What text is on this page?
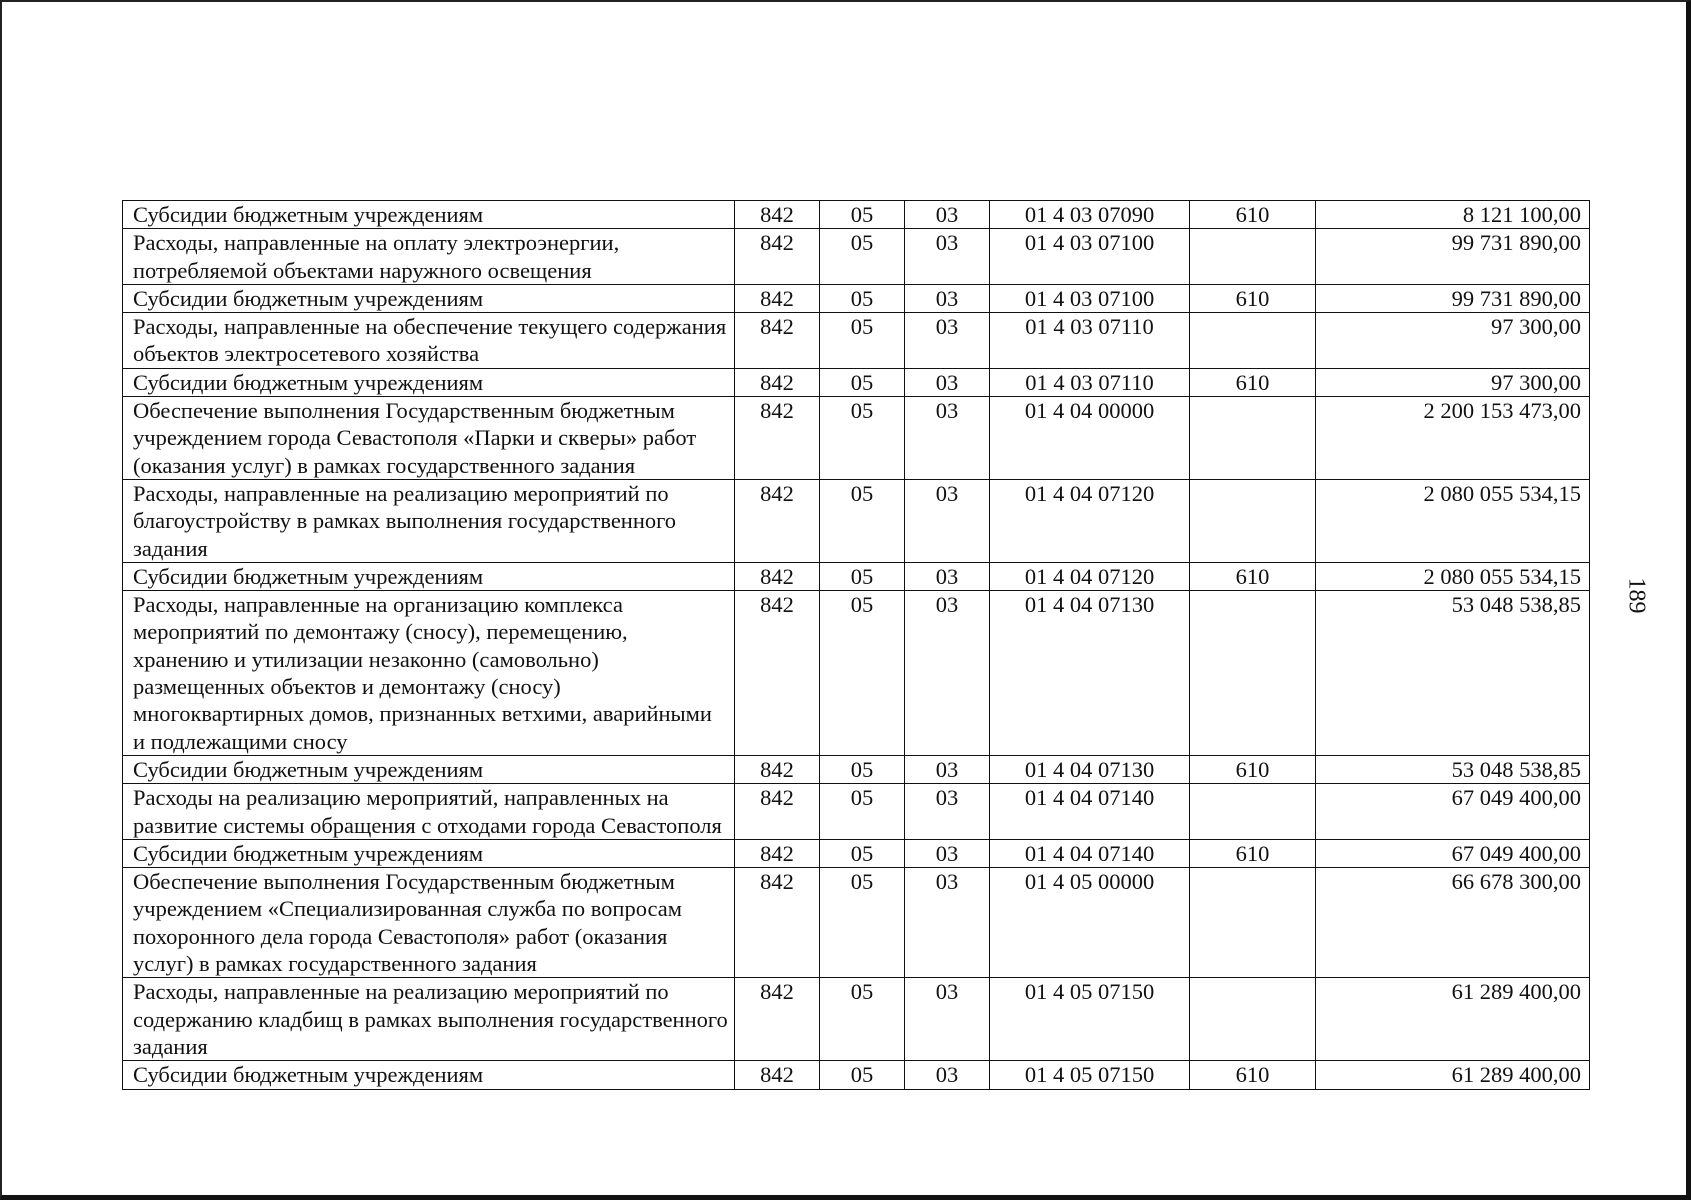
Субсидии бюджетным учреждениям	842	05	03	01 4 03 07090	610	8 121 100,00
Расходы, направленные на оплату электроэнергии, потребляемой объектами наружного освещения	842	05	03	01 4 03 07100		99 731 890,00
Субсидии бюджетным учреждениям	842	05	03	01 4 03 07100	610	99 731 890,00
Расходы, направленные на обеспечение текущего содержания объектов электросетевого хозяйства	842	05	03	01 4 03 07110		97 300,00
Субсидии бюджетным учреждениям	842	05	03	01 4 03 07110	610	97 300,00
Обеспечение выполнения Государственным бюджетным учреждением города Севастополя «Парки и скверы» работ (оказания услуг) в рамках государственного задания	842	05	03	01 4 04 00000		2 200 153 473,00
Расходы, направленные на реализацию мероприятий по благоустройству в рамках выполнения государственного задания	842	05	03	01 4 04 07120		2 080 055 534,15
Субсидии бюджетным учреждениям	842	05	03	01 4 04 07120	610	2 080 055 534,15
Расходы, направленные на организацию комплекса мероприятий по демонтажу (сносу), перемещению, хранению и утилизации незаконно (самовольно) размещенных объектов и демонтажу (сносу) многоквартирных домов, признанных ветхими, аварийными и подлежащими сносу	842	05	03	01 4 04 07130		53 048 538,85
Субсидии бюджетным учреждениям	842	05	03	01 4 04 07130	610	53 048 538,85
Расходы на реализацию мероприятий, направленных на развитие системы обращения с отходами города Севастополя	842	05	03	01 4 04 07140		67 049 400,00
Субсидии бюджетным учреждениям	842	05	03	01 4 04 07140	610	67 049 400,00
Обеспечение выполнения Государственным бюджетным учреждением «Специализированная служба по вопросам похоронного дела города Севастополя» работ (оказания услуг) в рамках государственного задания	842	05	03	01 4 05 00000		66 678 300,00
Расходы, направленные на реализацию мероприятий по содержанию кладбищ в рамках выполнения государственного задания	842	05	03	01 4 05 07150		61 289 400,00
Субсидии бюджетным учреждениям	842	05	03	01 4 05 07150	610	61 289 400,00
189
